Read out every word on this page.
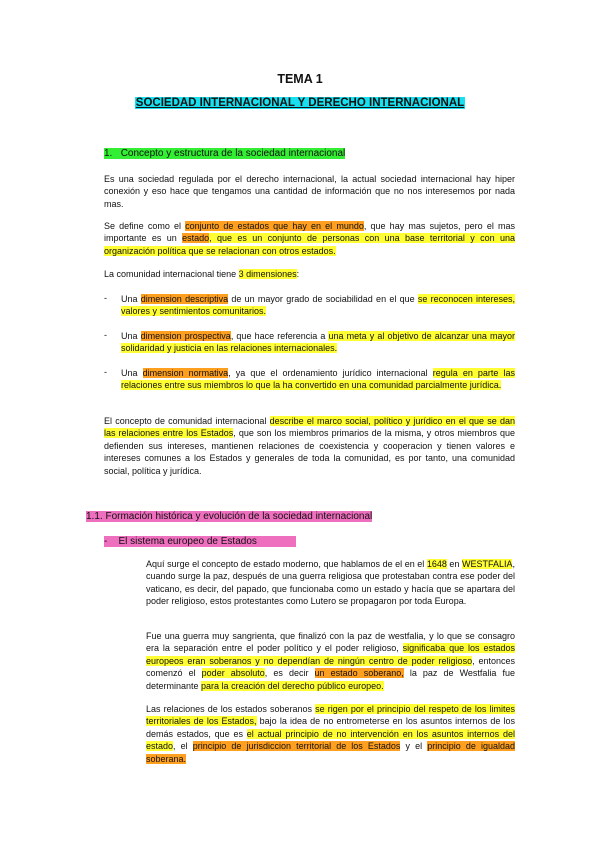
TEMA 1
SOCIEDAD INTERNACIONAL Y DERECHO INTERNACIONAL
1. Concepto y estructura de la sociedad internacional

Es una sociedad regulada por el derecho internacional, la actual sociedad internacional hay hiper conexión y eso hace que tengamos una cantidad de información que no nos interesemos por nada mas.

Se define como el conjunto de estados que hay en el mundo, que hay mas sujetos, pero el mas importante es un estado, que es un conjunto de personas con una base territorial y con una organización política que se relacionan con otros estados.

La comunidad internacional tiene 3 dimensiones:

- Una dimension descriptiva de un mayor grado de sociabilidad en el que se reconocen intereses, valores y sentimientos comunitarios.

- Una dimension prospectiva, que hace referencia a una meta y al objetivo de alcanzar una mayor solidaridad y justicia en las relaciones internacionales.

- Una dimension normativa, ya que el ordenamiento jurídico internacional regula en parte las relaciones entre sus miembros lo que la ha convertido en una comunidad parcialmente jurídica.

El concepto de comunidad internacional describe el marco social, político y jurídico en el que se dan las relaciones entre los Estados, que son los miembros primarios de la misma, y otros miembros que defienden sus intereses, mantienen relaciones de coexistencia y cooperacion y tienen valores e intereses comunes a los Estados y generales de toda la comunidad, es por tanto, una comunidad social, política y jurídica.

1.1. Formación histórica y evolución de la sociedad internacional
- El sistema europeo de Estados

Aquí surge el concepto de estado moderno, que hablamos de el en el 1648 en WESTFALIA, cuando surge la paz, después de una guerra religiosa que protestaban contra ese poder del vaticano, es decir, del papado, que funcionaba como un estado y hacía que se apartara del poder religioso, estos protestantes como Lutero se propagaron por toda Europa.

Fue una guerra muy sangrienta, que finalizó con la paz de westfalia, y lo que se consagro era la separación entre el poder político y el poder religioso, significaba que los estados europeos eran soberanos y no dependían de ningún centro de poder religioso, entonces comenzó el poder absoluto, es decir un estado soberano, la paz de Westfalia fue determinante para la creación del derecho público europeo.

Las relaciones de los estados soberanos se rigen por el principio del respeto de los limites territoriales de los Estados, bajo la idea de no entrometerse en los asuntos internos de los demás estados, que es el actual principio de no intervención en los asuntos internos del estado, el principio de jurisdiccion territorial de los Estados y el principio de igualdad soberana.
